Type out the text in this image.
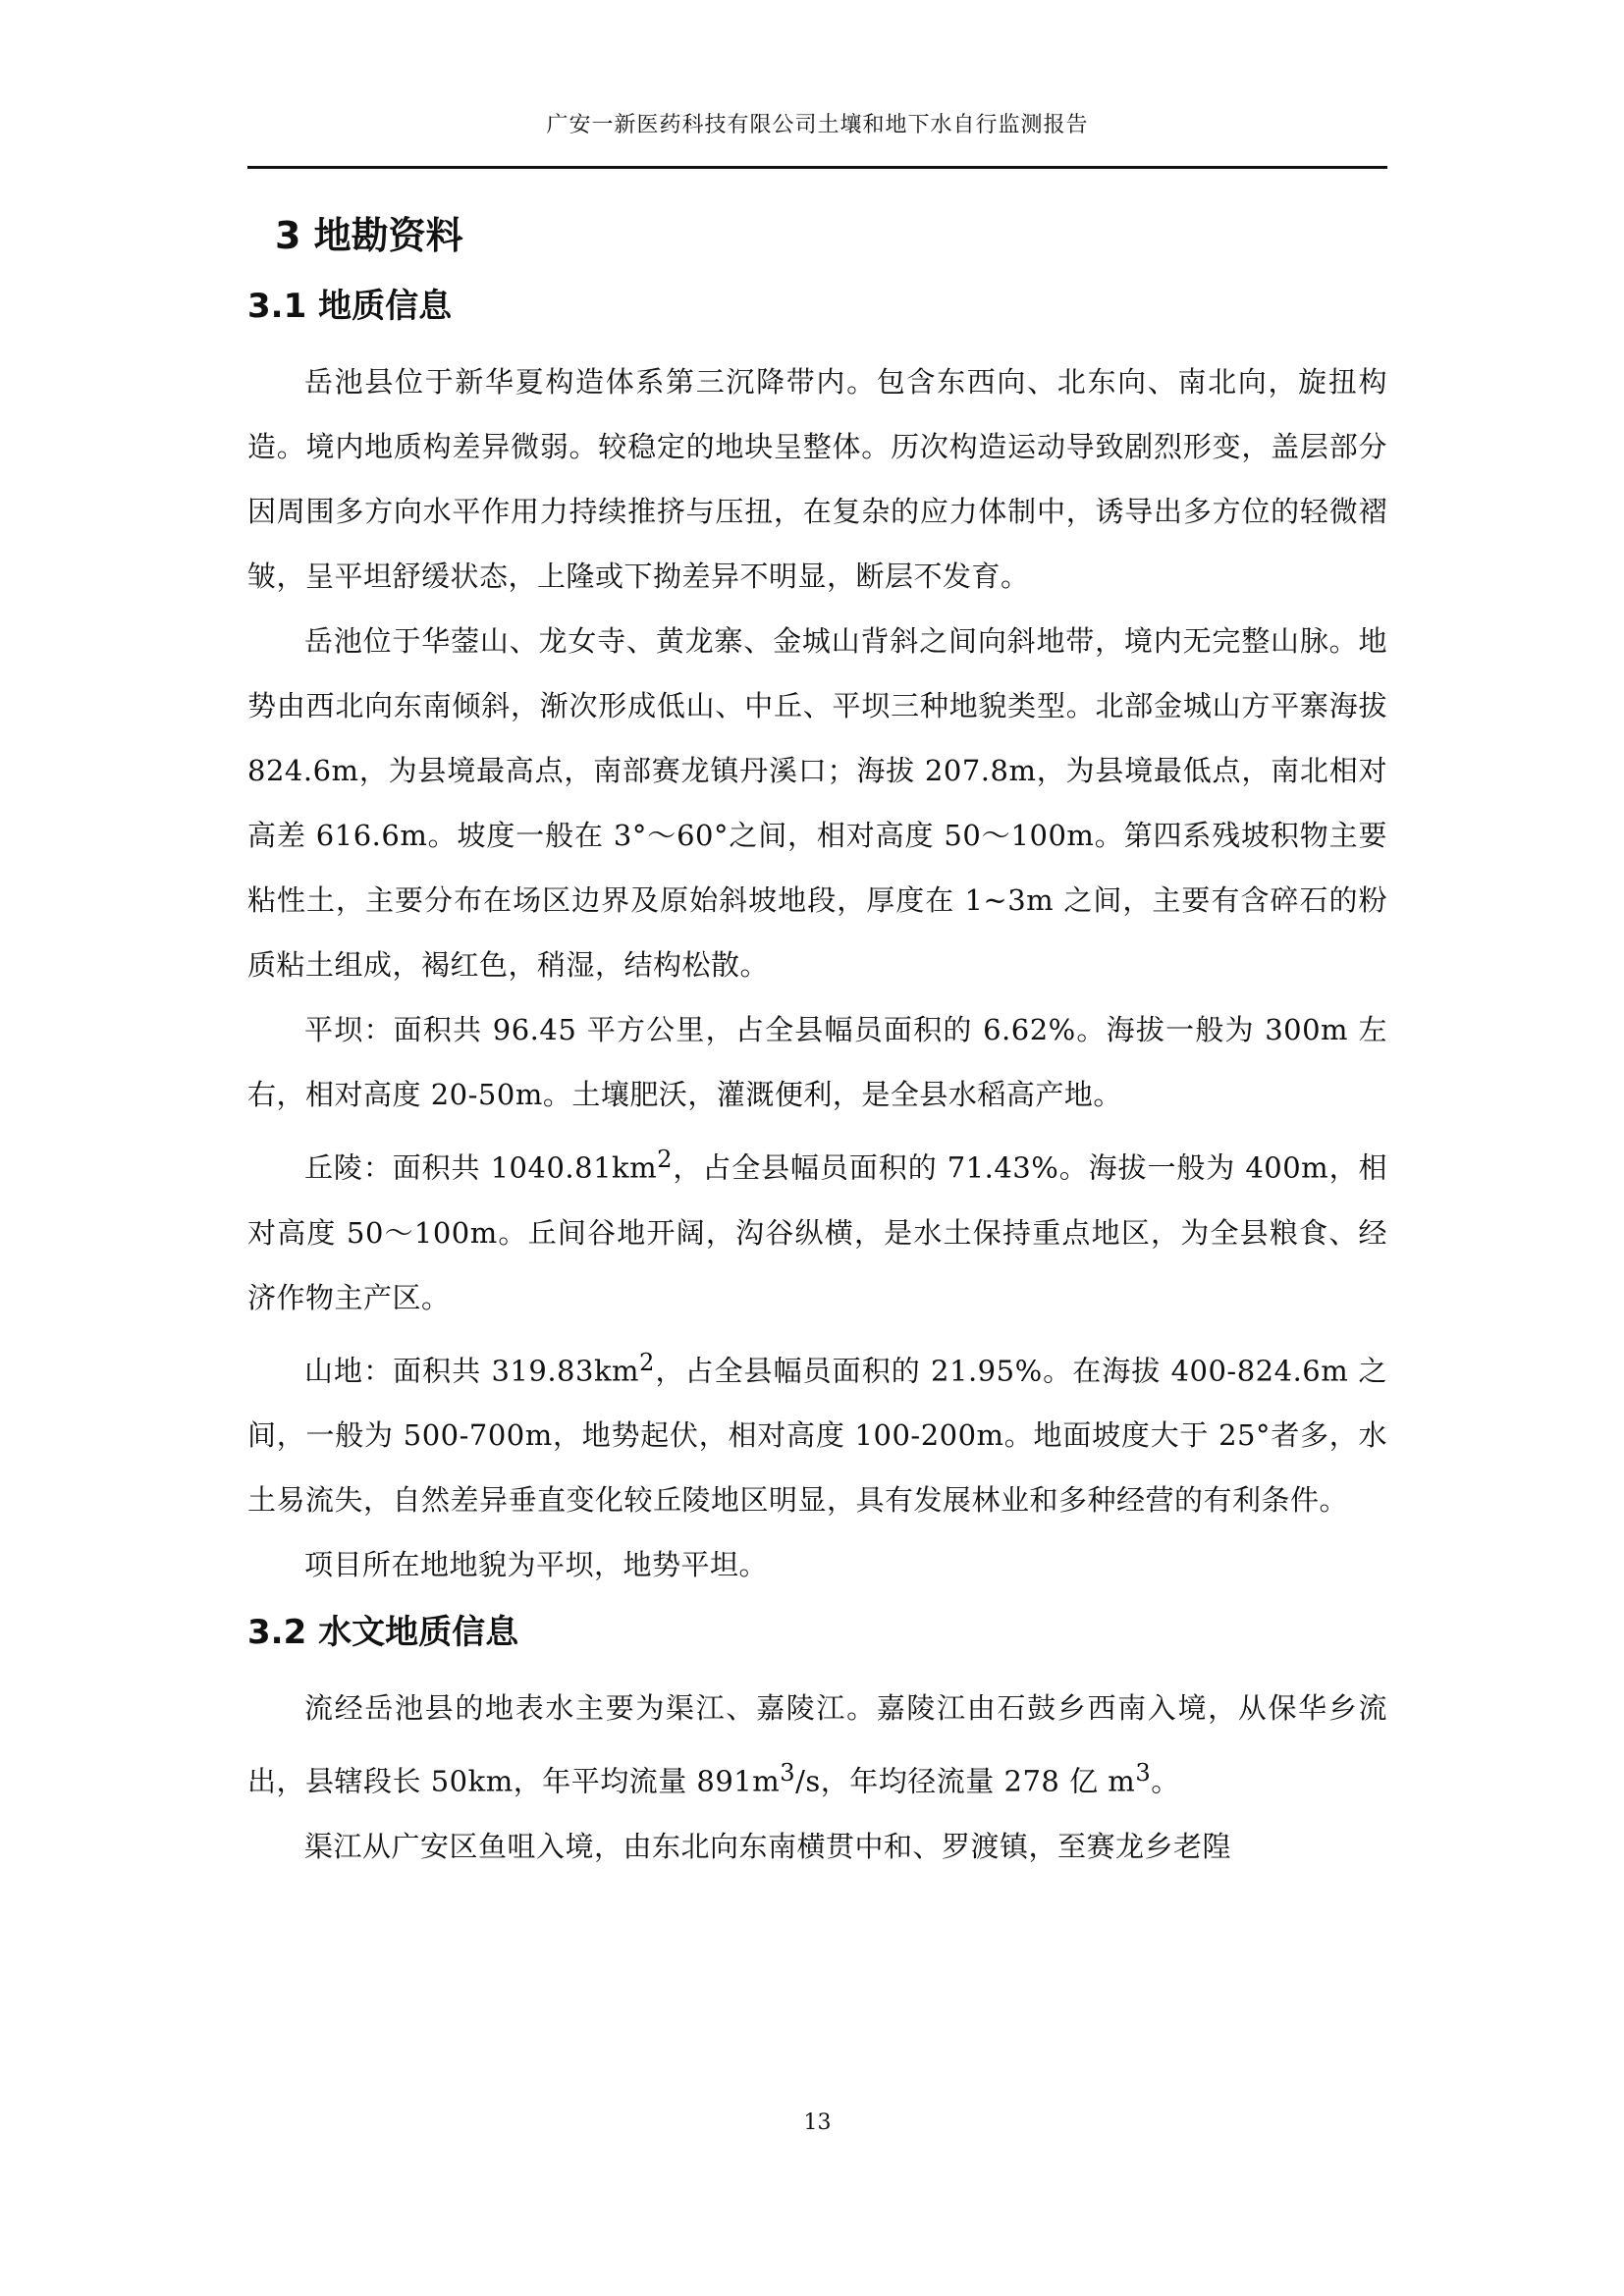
广安一新医药科技有限公司土壤和地下水自行监测报告
3 地勘资料
3.1 地质信息

岳池县位于新华夏构造体系第三沉降带内。包含东西向、北东向、南北向，旋扭构造。境内地质构差异微弱。较稳定的地块呈整体。历次构造运动导致剧烈形变，盖层部分因周围多方向水平作用力持续推挤与压扭，在复杂的应力体制中，诱导出多方位的轻微褶皱，呈平坦舒缓状态，上隆或下拗差异不明显，断层不发育。

岳池位于华蓥山、龙女寺、黄龙寨、金城山背斜之间向斜地带，境内无完整山脉。地势由西北向东南倾斜，渐次形成低山、中丘、平坝三种地貌类型。北部金城山方平寨海拔 824.6m，为县境最高点，南部赛龙镇丹溪口；海拔 207.8m，为县境最低点，南北相对高差 616.6m。坡度一般在 3°～60°之间，相对高度 50～100m。第四系残坡积物主要粘性土，主要分布在场区边界及原始斜坡地段，厚度在 1~3m 之间，主要有含碎石的粉质粘土组成，褐红色，稍湿，结构松散。

平坝：面积共 96.45 平方公里，占全县幅员面积的 6.62%。海拔一般为 300m 左右，相对高度 20-50m。土壤肥沃，灌溉便利，是全县水稻高产地。

丘陵：面积共 $1040.81km^2$，占全县幅员面积的 71.43%。海拔一般为 400m，相对高度 50～100m。丘间谷地开阔，沟谷纵横，是水土保持重点地区，为全县粮食、经济作物主产区。

山地：面积共 $319.83km^2$，占全县幅员面积的 21.95%。在海拔 400-824.6m 之间，一般为 500-700m，地势起伏，相对高度 100-200m。地面坡度大于 25°者多，水土易流失，自然差异垂直变化较丘陵地区明显，具有发展林业和多种经营的有利条件。

项目所在地地貌为平坝，地势平坦。

3.2 水文地质信息

流经岳池县的地表水主要为渠江、嘉陵江。嘉陵江由石鼓乡西南入境，从保华乡流出，县辖段长 50km，年平均流量 $891m^3/s$，年均径流量 278 亿 $m^3$。

渠江从广安区鱼咀入境，由东北向东南横贯中和、罗渡镇，至赛龙乡老隍

13
